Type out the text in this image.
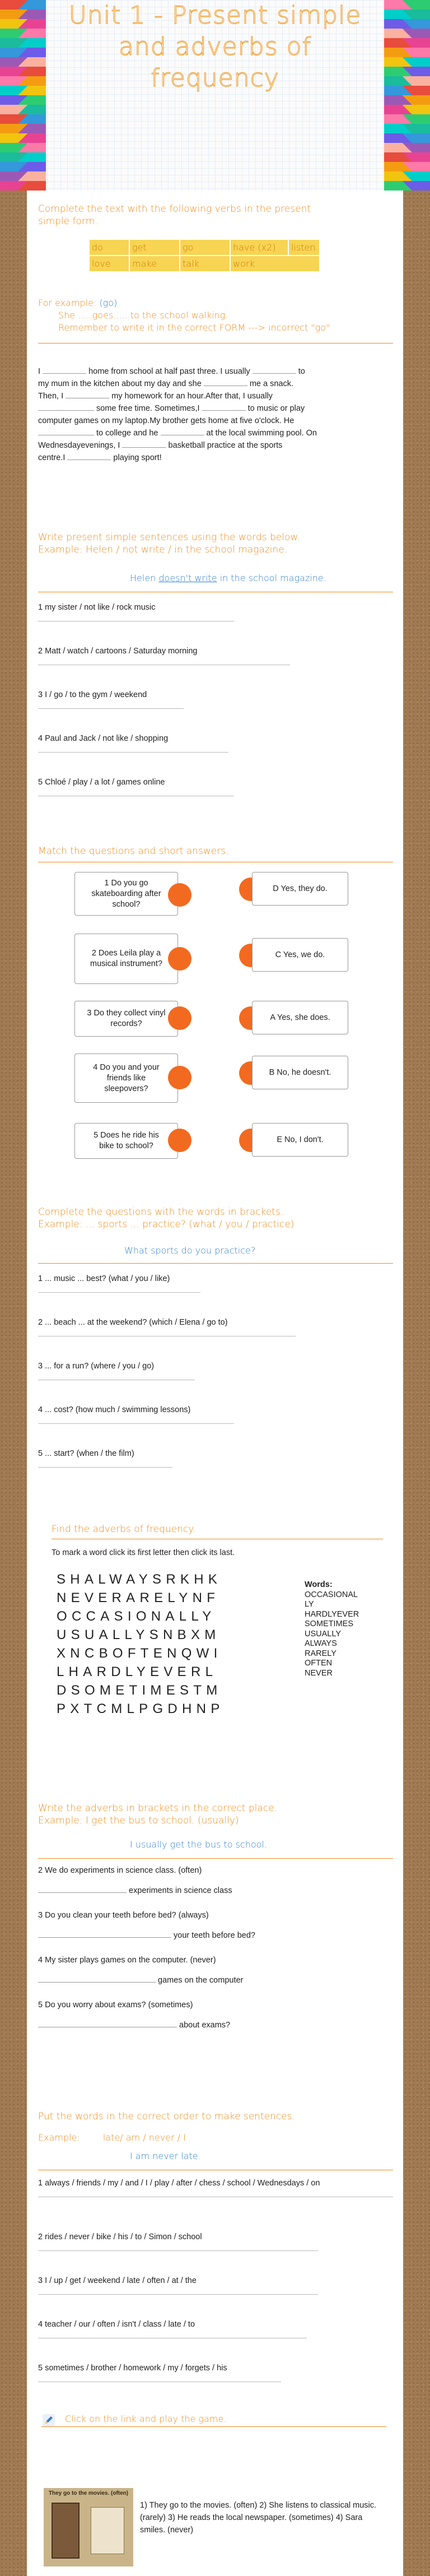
Unit 1 - Present simple
and adverbs of
frequency
Complete the text with the following verbs in the present
simple form.
do	get	go	have (x2)	listen
love	make	talk	work
For example: (go)
She .....goes..... to the school walking.
Remember to write it in the correct FORM ---> incorrect "go"
I	home from school at half past three. I usually	to
my mum in the kitchen about my day and she	me a snack.
Then, I	my homework for an hour.After that, I usually
some free time. Sometimes,I	to music or play
computer games on my laptop.My brother gets home at five o'clock. He
to college and he	at the local swimming pool. On
Wednesdayevenings, I	basketball practice at the sports
centre.I	playing sport!
Write present simple sentences using the words below.
Example: Helen / not write / in the school magazine.
Helen doesn't write in the school magazine.
1 my sister / not like / rock music
2 Matt / watch / cartoons / Saturday morning
3 I / go / to the gym / weekend
4 Paul and Jack / not like / shopping
5 Chloé / play / a lot / games online
Match the questions and short answers.
1 Do you go skateboarding after school?
D Yes, they do.
2 Does Leila play a musical instrument?
C Yes, we do.
3 Do they collect vinyl records?
A Yes, she does.
4 Do you and your friends like sleepovers?
B No, he doesn't.
5 Does he ride his bike to school?
E No, I don't.
Complete the questions with the words in brackets.
Example: ... sports ... practice? (what / you / practice)
What sports do you practice?
1 ... music ... best? (what / you / like)
2 ... beach ... at the weekend? (which / Elena / go to)
3 ... for a run? (where / you / go)
4 ... cost? (how much / swimming lessons)
5 ... start? (when / the film)
Find the adverbs of frequency.
To mark a word click its first letter then click its last.
SHALWAYSRKHK
NEVERARELYNF
OCCASIONALLY
USUALLYSNBXM
XNCBOFTENQWI
LHARDLYEVERL
DSOMETIMESTM
PXTCMLPGDHNP
Words:
OCCASIONAL
LY
HARDLYEVER
SOMETIMES
USUALLY
ALWAYS
RARELY
OFTEN
NEVER
Write the adverbs in brackets in the correct place.
Example: I get the bus to school. (usually)
I usually get the bus to school.
2 We do experiments in science class. (often)
experiments in science class
3 Do you clean your teeth before bed? (always)
your teeth before bed?
4 My sister plays games on the computer. (never)
games on the computer
5 Do you worry about exams? (sometimes)
about exams?
Put the words in the correct order to make sentences.
Example:	late/ am / never / I
I am never late
1 always / friends / my / and / I / play / after / chess / school / Wednesdays / on
2 rides / never / bike / his / to / Simon / school
3 I / up / get / weekend / late / often / at / the
4 teacher / our / often / isn't / class / late / to
5 sometimes / brother / homework / my / forgets / his
Click on the link and play the game.
They go to the movies. (often)
1) They go to the movies. (often) 2) She listens to classical music. (rarely) 3) He reads the local newspaper. (sometimes) 4) Sara smiles. (never)
